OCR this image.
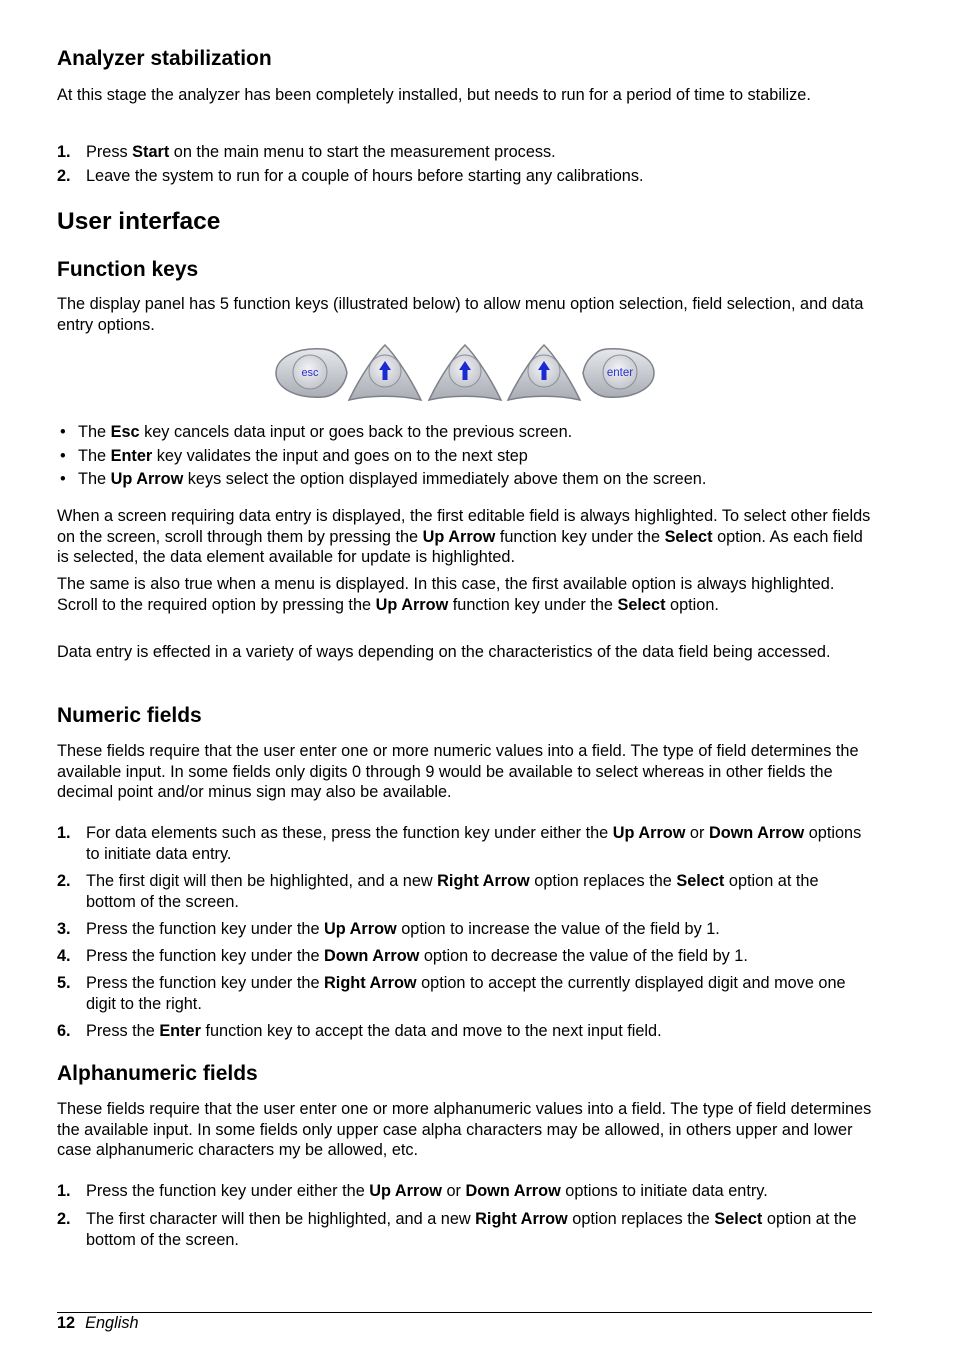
Analyzer stabilization

At this stage the analyzer has been completely installed, but needs to run for a period of time to stabilize.

1. Press Start on the main menu to start the measurement process.
2. Leave the system to run for a couple of hours before starting any calibrations.
User interface
Function keys

The display panel has 5 function keys (illustrated below) to allow menu option selection, field selection, and data entry options.

• The Esc key cancels data input or goes back to the previous screen.
• The Enter key validates the input and goes on to the next step
• The Up Arrow keys select the option displayed immediately above them on the screen.

When a screen requiring data entry is displayed, the first editable field is always highlighted. To select other fields on the screen, scroll through them by pressing the Up Arrow function key under the Select option. As each field is selected, the data element available for update is highlighted.

The same is also true when a menu is displayed. In this case, the first available option is always highlighted. Scroll to the required option by pressing the Up Arrow function key under the Select option.

Data entry is effected in a variety of ways depending on the characteristics of the data field being accessed.

Numeric fields

These fields require that the user enter one or more numeric values into a field. The type of field determines the available input. In some fields only digits 0 through 9 would be available to select whereas in other fields the decimal point and/or minus sign may also be available.

1. For data elements such as these, press the function key under either the Up Arrow or Down Arrow options to initiate data entry.
2. The first digit will then be highlighted, and a new Right Arrow option replaces the Select option at the bottom of the screen.
3. Press the function key under the Up Arrow option to increase the value of the field by 1.
4. Press the function key under the Down Arrow option to decrease the value of the field by 1.
5. Press the function key under the Right Arrow option to accept the currently displayed digit and move one digit to the right.
6. Press the Enter function key to accept the data and move to the next input field.
Alphanumeric fields

These fields require that the user enter one or more alphanumeric values into a field. The type of field determines the available input. In some fields only upper case alpha characters may be allowed, in others upper and lower case alphanumeric characters my be allowed, etc.

1. Press the function key under either the Up Arrow or Down Arrow options to initiate data entry.
2. The first character will then be highlighted, and a new Right Arrow option replaces the Select option at the bottom of the screen.
esc	enter
12 English
